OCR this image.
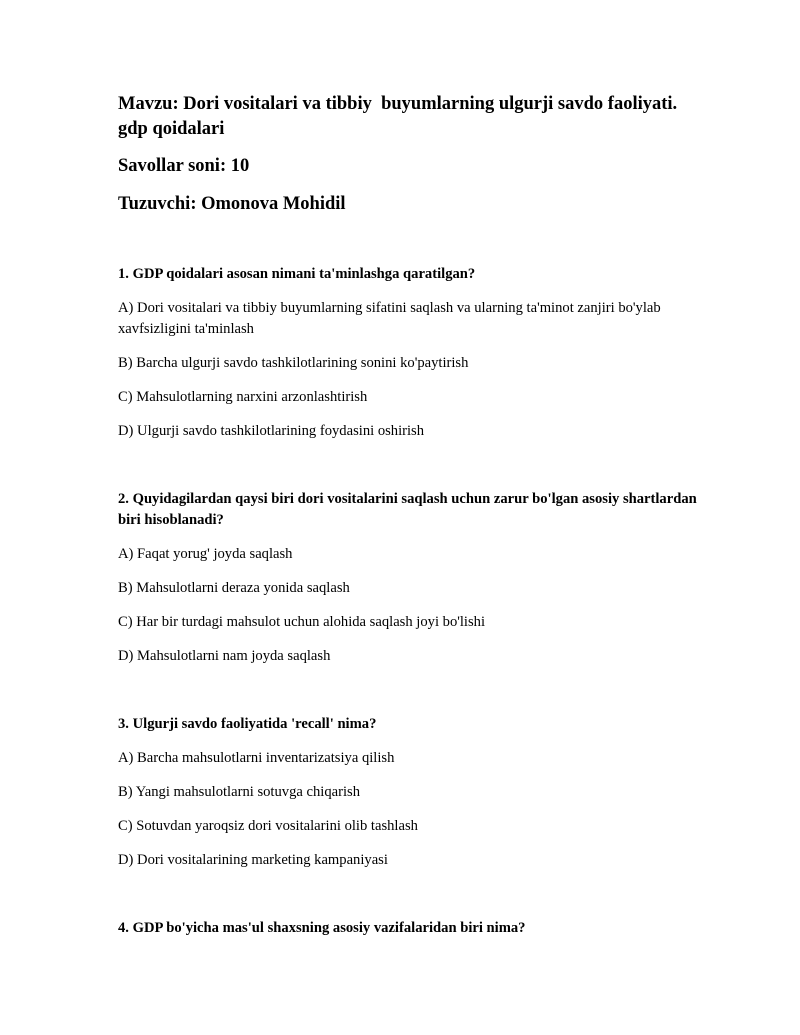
Mavzu: Dori vositalari va tibbiy  buyumlarning ulgurji savdo faoliyati. gdp qoidalari

Savollar soni: 10

Tuzuvchi: Omonova Mohidil

1. GDP qoidalari asosan nimani ta'minlashga qaratilgan?

A) Dori vositalari va tibbiy buyumlarning sifatini saqlash va ularning ta'minot zanjiri bo'ylab xavfsizligini ta'minlash

B) Barcha ulgurji savdo tashkilotlarining sonini ko'paytirish

C) Mahsulotlarning narxini arzonlashtirish

D) Ulgurji savdo tashkilotlarining foydasini oshirish

2. Quyidagilardan qaysi biri dori vositalarini saqlash uchun zarur bo'lgan asosiy shartlardan biri hisoblanadi?

A) Faqat yorug' joyda saqlash

B) Mahsulotlarni deraza yonida saqlash

C) Har bir turdagi mahsulot uchun alohida saqlash joyi bo'lishi

D) Mahsulotlarni nam joyda saqlash

3. Ulgurji savdo faoliyatida 'recall' nima?

A) Barcha mahsulotlarni inventarizatsiya qilish

B) Yangi mahsulotlarni sotuvga chiqarish

C) Sotuvdan yaroqsiz dori vositalarini olib tashlash

D) Dori vositalarining marketing kampaniyasi

4. GDP bo'yicha mas'ul shaxsning asosiy vazifalaridan biri nima?
